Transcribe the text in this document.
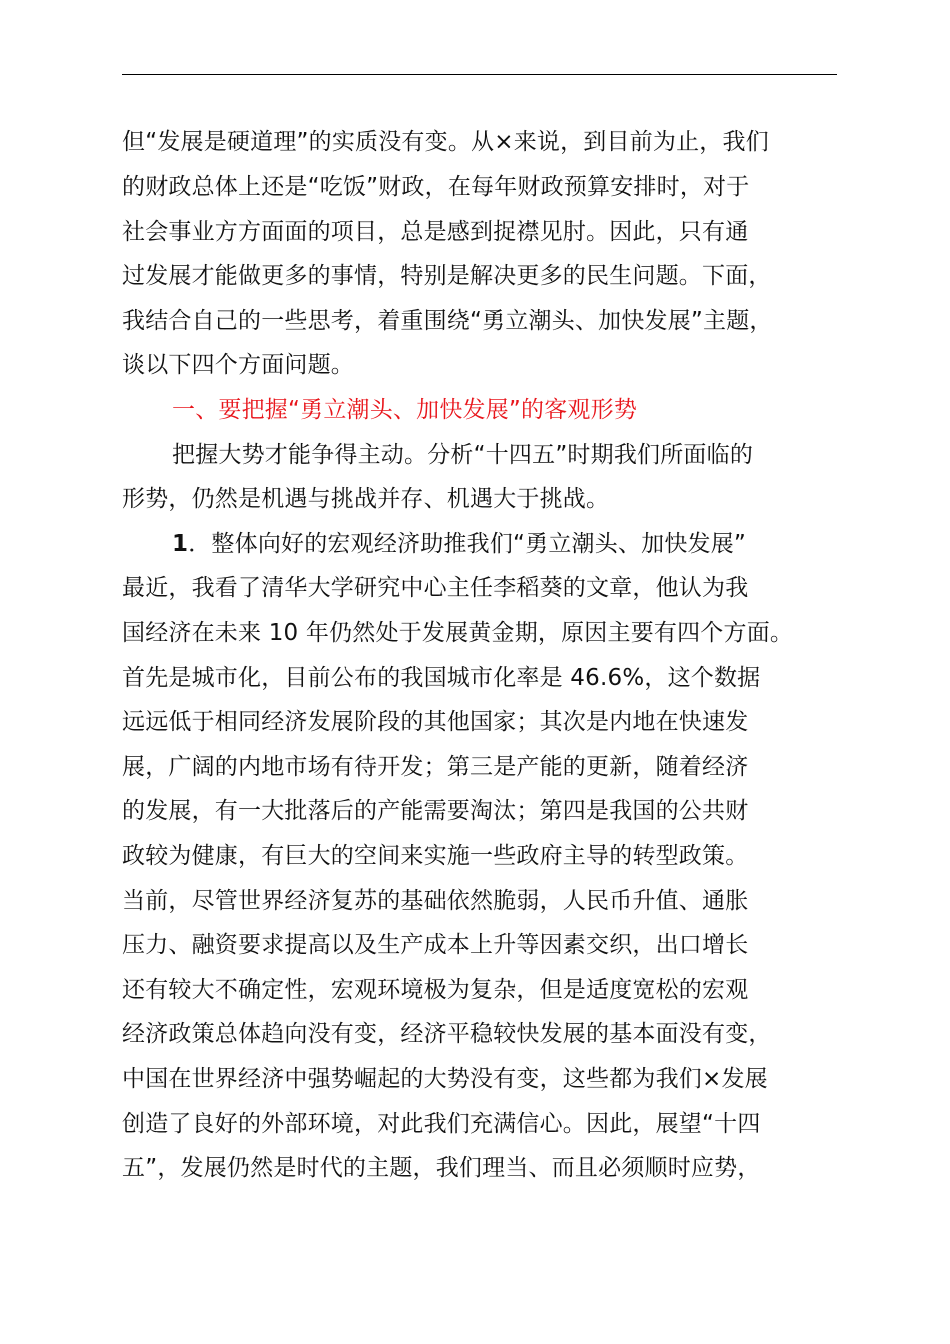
但“发展是硬道理”的实质没有变。从×来说，到目前为止，我们
的财政总体上还是“吃饭”财政，在每年财政预算安排时，对于
社会事业方方面面的项目，总是感到捉襟见肘。因此，只有通
过发展才能做更多的事情，特别是解决更多的民生问题。下面，
我结合自己的一些思考，着重围绕“勇立潮头、加快发展”主题，
谈以下四个方面问题。
一、要把握“勇立潮头、加快发展”的客观形势
把握大势才能争得主动。分析“十四五”时期我们所面临的
形势，仍然是机遇与挑战并存、机遇大于挑战。
1．整体向好的宏观经济助推我们“勇立潮头、加快发展”
最近，我看了清华大学研究中心主任李稻葵的文章，他认为我
国经济在未来 10 年仍然处于发展黄金期，原因主要有四个方面。
首先是城市化，目前公布的我国城市化率是 46.6%，这个数据
远远低于相同经济发展阶段的其他国家；其次是内地在快速发
展，广阔的内地市场有待开发；第三是产能的更新，随着经济
的发展，有一大批落后的产能需要淘汰；第四是我国的公共财
政较为健康，有巨大的空间来实施一些政府主导的转型政策。
当前，尽管世界经济复苏的基础依然脆弱，人民币升值、通胀
压力、融资要求提高以及生产成本上升等因素交织，出口增长
还有较大不确定性，宏观环境极为复杂，但是适度宽松的宏观
经济政策总体趋向没有变，经济平稳较快发展的基本面没有变，
中国在世界经济中强势崛起的大势没有变，这些都为我们×发展
创造了良好的外部环境，对此我们充满信心。因此，展望“十四
五”，发展仍然是时代的主题，我们理当、而且必须顺时应势，
